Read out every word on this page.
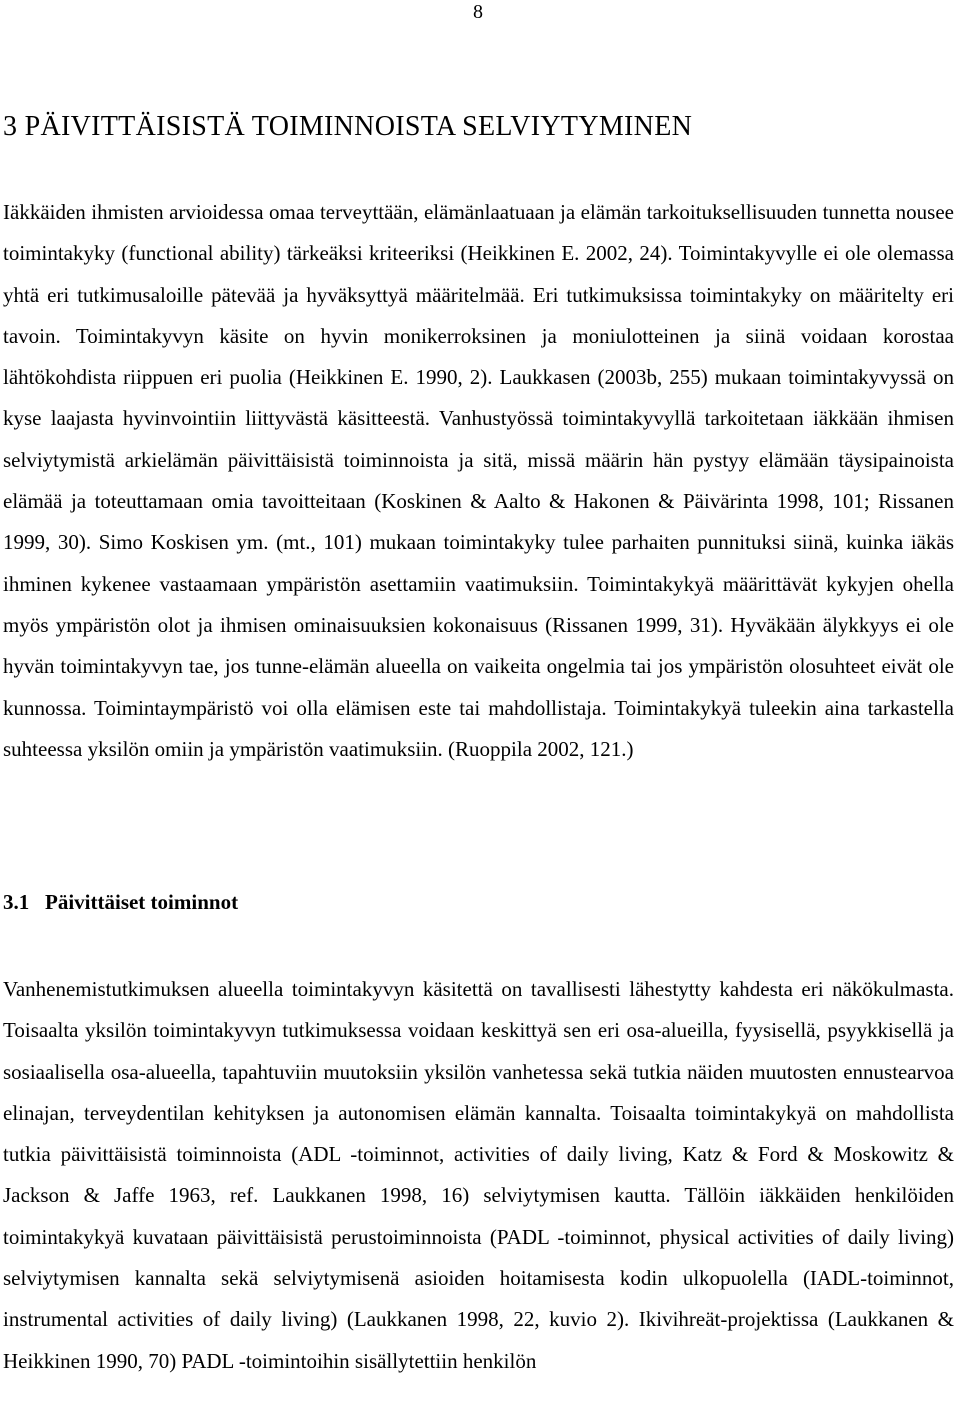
8
3 PÄIVITTÄISISTÄ TOIMINNOISTA SELVIYTYMINEN

Iäkkäiden ihmisten arvioidessa omaa terveyttään, elämänlaatuaan ja elämän tarkoituksellisuuden tunnetta nousee toimintakyky (functional ability) tärkeäksi kriteeriksi (Heikkinen E. 2002, 24). Toimintakyvylle ei ole olemassa yhtä eri tutkimusaloille pätevää ja hyväksyttyä määritelmää. Eri tutkimuksissa toimintakyky on määritelty eri tavoin. Toimintakyvyn käsite on hyvin monikerroksinen ja moniulotteinen ja siinä voidaan korostaa lähtökohdista riippuen eri puolia (Heikkinen E. 1990, 2). Laukkasen (2003b, 255) mukaan toimintakyvyssä on kyse laajasta hyvinvointiin liittyvästä käsitteestä. Vanhustyössä toimintakyvyllä tarkoitetaan iäkkään ihmisen selviytymistä arkielämän päivittäisistä toiminnoista ja sitä, missä määrin hän pystyy elämään täysipainoista elämää ja toteuttamaan omia tavoitteitaan (Koskinen & Aalto & Hakonen & Päivärinta 1998, 101; Rissanen 1999, 30). Simo Koskisen ym. (mt., 101) mukaan toimintakyky tulee parhaiten punnituksi siinä, kuinka iäkäs ihminen kykenee vastaamaan ympäristön asettamiin vaatimuksiin. Toimintakykyä määrittävät kykyjen ohella myös ympäristön olot ja ihmisen ominaisuuksien kokonaisuus (Rissanen 1999, 31). Hyväkään älykkyys ei ole hyvän toimintakyvyn tae, jos tunne-elämän alueella on vaikeita ongelmia tai jos ympäristön olosuhteet eivät ole kunnossa. Toimintaympäristö voi olla elämisen este tai mahdollistaja. Toimintakykyä tuleekin aina tarkastella suhteessa yksilön omiin ja ympäristön vaatimuksiin. (Ruoppila 2002, 121.)

3.1 Päivittäiset toiminnot

Vanhenemistutkimuksen alueella toimintakyvyn käsitettä on tavallisesti lähestytty kahdesta eri näkökulmasta. Toisaalta yksilön toimintakyvyn tutkimuksessa voidaan keskittyä sen eri osa-alueilla, fyysisellä, psyykkisellä ja sosiaalisella osa-alueella, tapahtuviin muutoksiin yksilön vanhetessa sekä tutkia näiden muutosten ennustearvoa elinajan, terveydentilan kehityksen ja autonomisen elämän kannalta. Toisaalta toimintakykyä on mahdollista tutkia päivittäisistä toiminnoista (ADL -toiminnot, activities of daily living, Katz & Ford & Moskowitz & Jackson & Jaffe 1963, ref. Laukkanen 1998, 16) selviytymisen kautta. Tällöin iäkkäiden henkilöiden toimintakykyä kuvataan päivittäisistä perustoiminnoista (PADL -toiminnot, physical activities of daily living) selviytymisen kannalta sekä selviytymisenä asioiden hoitamisesta kodin ulkopuolella (IADL-toiminnot, instrumental activities of daily living) (Laukkanen 1998, 22, kuvio 2). Ikivihreät-projektissa (Laukkanen & Heikkinen 1990, 70) PADL -toimintoihin sisällytettiin henkilön
